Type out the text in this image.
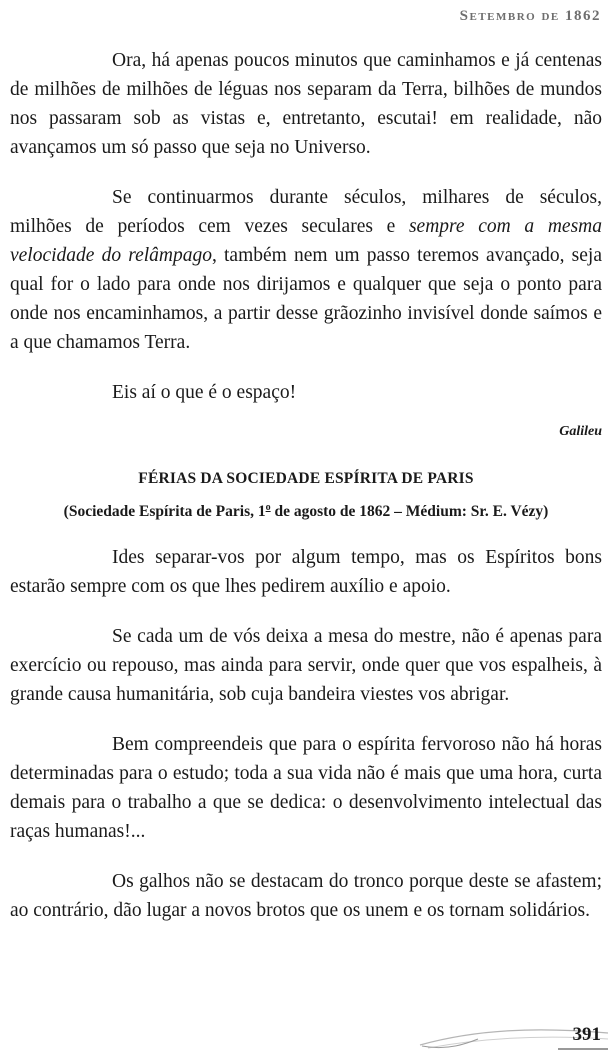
Setembro de 1862

Ora, há apenas poucos minutos que caminhamos e já centenas de milhões de milhões de léguas nos separam da Terra, bilhões de mundos nos passaram sob as vistas e, entretanto, escutai! em realidade, não avançamos um só passo que seja no Universo.

Se continuarmos durante séculos, milhares de séculos, milhões de períodos cem vezes seculares e sempre com a mesma velocidade do relâmpago, também nem um passo teremos avançado, seja qual for o lado para onde nos dirijamos e qualquer que seja o ponto para onde nos encaminhamos, a partir desse grãozinho invisível donde saímos e a que chamamos Terra.

Eis aí o que é o espaço!

Galileu
FÉRIAS DA SOCIEDADE ESPÍRITA DE PARIS
(Sociedade Espírita de Paris, 1$^o$ de agosto de 1862 – Médium: Sr. E. Vézy)

Ides separar-vos por algum tempo, mas os Espíritos bons estarão sempre com os que lhes pedirem auxílio e apoio.

Se cada um de vós deixa a mesa do mestre, não é apenas para exercício ou repouso, mas ainda para servir, onde quer que vos espalheis, à grande causa humanitária, sob cuja bandeira viestes vos abrigar.

Bem compreendeis que para o espírita fervoroso não há horas determinadas para o estudo; toda a sua vida não é mais que uma hora, curta demais para o trabalho a que se dedica: o desenvolvimento intelectual das raças humanas!...

Os galhos não se destacam do tronco porque deste se afastem; ao contrário, dão lugar a novos brotos que os unem e os tornam solidários.

391
